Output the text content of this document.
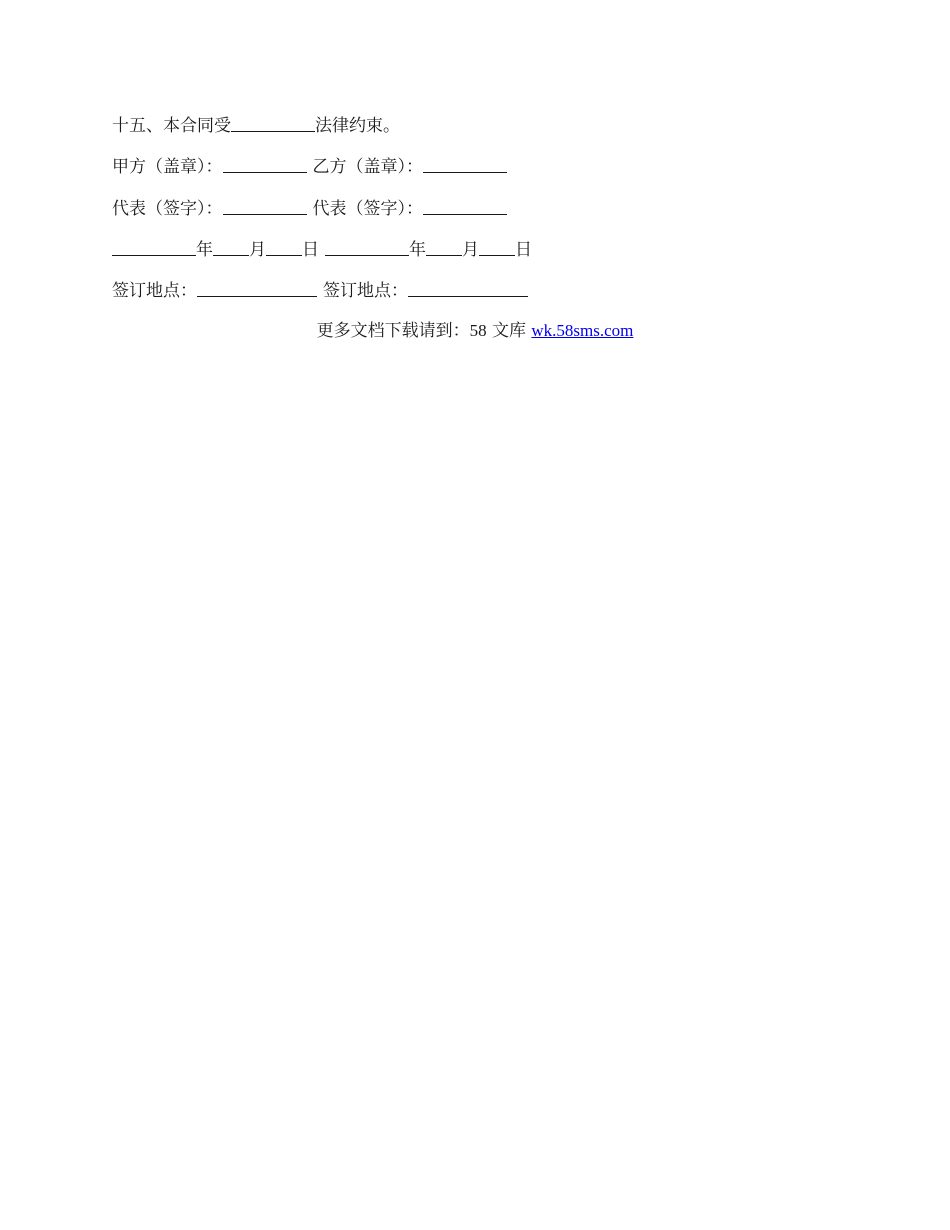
十五、本合同受	法律约束。
甲方（盖章）：	乙方（盖章）：
代表（签字）：	代表（签字）：
年 月 日	年 月 日
签订地点：	签订地点：
更多文档下载请到：58 文库 wk.58sms.com
